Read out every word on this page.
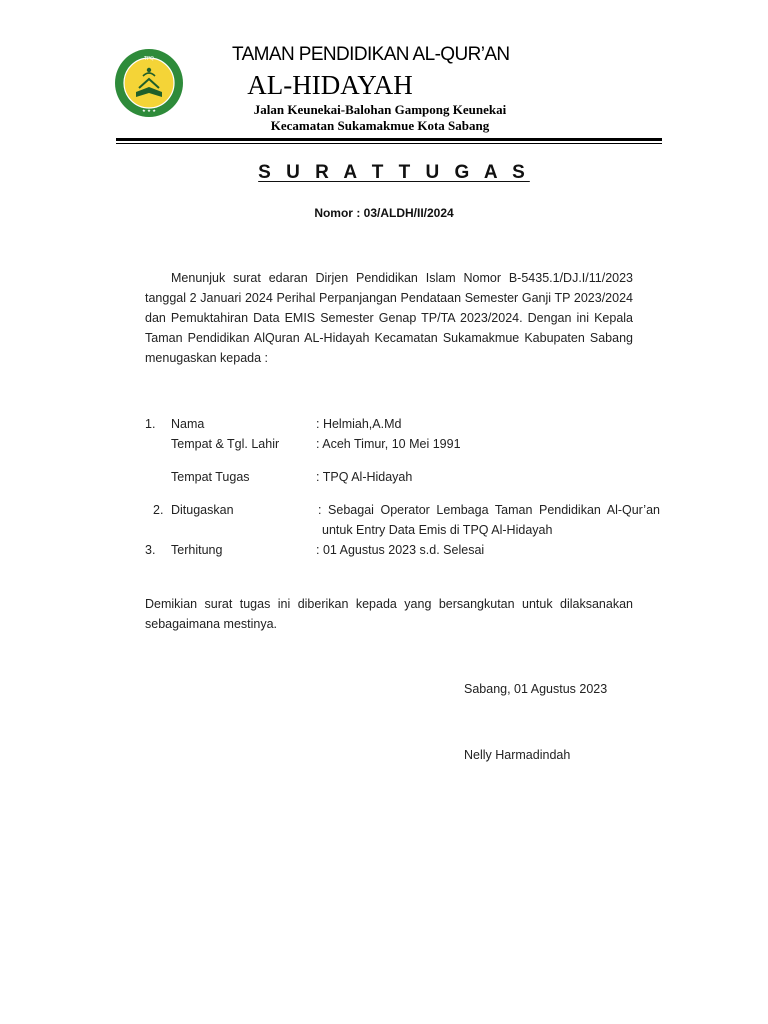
TPQ
★ ★ ★
TAMAN PENDIDIKAN AL-QUR’AN
AL-HIDAYAH
Jalan Keunekai-Balohan Gampong Keunekai
Kecamatan Sukamakmue Kota Sabang
S U R A T T U G A S
Nomor : 03/ALDH/II/2024
Menunjuk surat edaran Dirjen Pendidikan Islam Nomor B-5435.1/DJ.I/11/2023 tanggal 2 Januari 2024 Perihal Perpanjangan Pendataan Semester Ganji TP 2023/2024 dan Pemuktahiran Data EMIS Semester Genap TP/TA 2023/2024. Dengan ini Kepala Taman Pendidikan AlQuran AL-Hidayah Kecamatan Sukamakmue Kabupaten Sabang menugaskan kepada :
1. Nama	: Helmiah,A.Md
Tempat & Tgl. Lahir	: Aceh Timur, 10 Mei 1991
Tempat Tugas	: TPQ Al-Hidayah
2. Ditugaskan	: Sebagai Operator Lembaga Taman Pendidikan Al-Qur’an
untuk Entry Data Emis di TPQ Al-Hidayah
3. Terhitung	: 01 Agustus 2023 s.d. Selesai
Demikian surat tugas ini diberikan kepada yang bersangkutan untuk dilaksanakan sebagaimana mestinya.
Sabang, 01 Agustus 2023
Nelly Harmadindah
